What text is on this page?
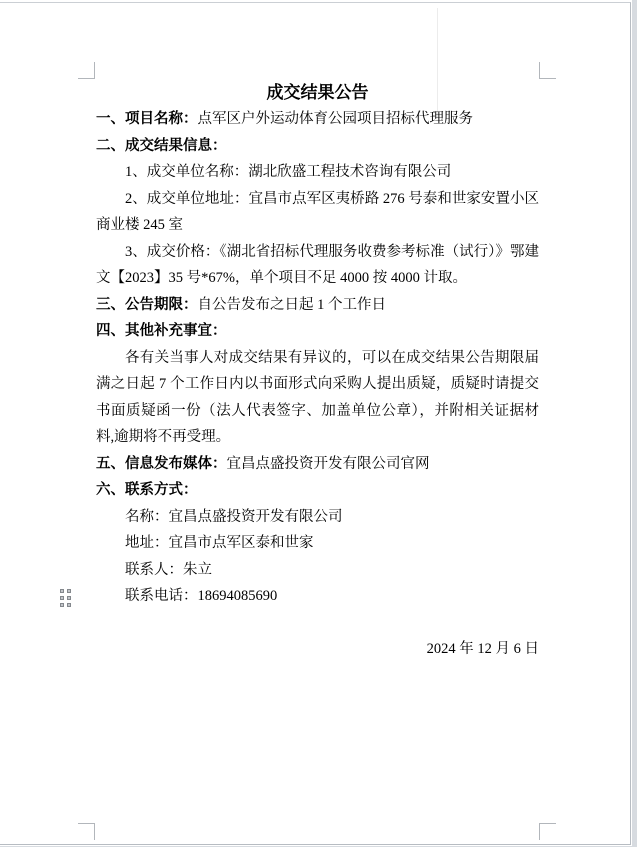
成交结果公告
一、项目名称：点军区户外运动体育公园项目招标代理服务
二、成交结果信息：
1、成交单位名称：湖北欣盛工程技术咨询有限公司
2、成交单位地址：宜昌市点军区夷桥路 276 号泰和世家安置小区商业楼 245 室
3、成交价格：《湖北省招标代理服务收费参考标准（试行）》鄂建文【2023】35 号*67%，单个项目不足 4000 按 4000 计取。
三、公告期限：自公告发布之日起 1 个工作日
四、其他补充事宜：
各有关当事人对成交结果有异议的，可以在成交结果公告期限届满之日起 7 个工作日内以书面形式向采购人提出质疑，质疑时请提交书面质疑函一份（法人代表签字、加盖单位公章），并附相关证据材料,逾期将不再受理。
五、信息发布媒体：宜昌点盛投资开发有限公司官网
六、联系方式：
名称：宜昌点盛投资开发有限公司
地址：宜昌市点军区泰和世家
联系人：朱立
联系电话：18694085690
2024 年 12 月 6 日
